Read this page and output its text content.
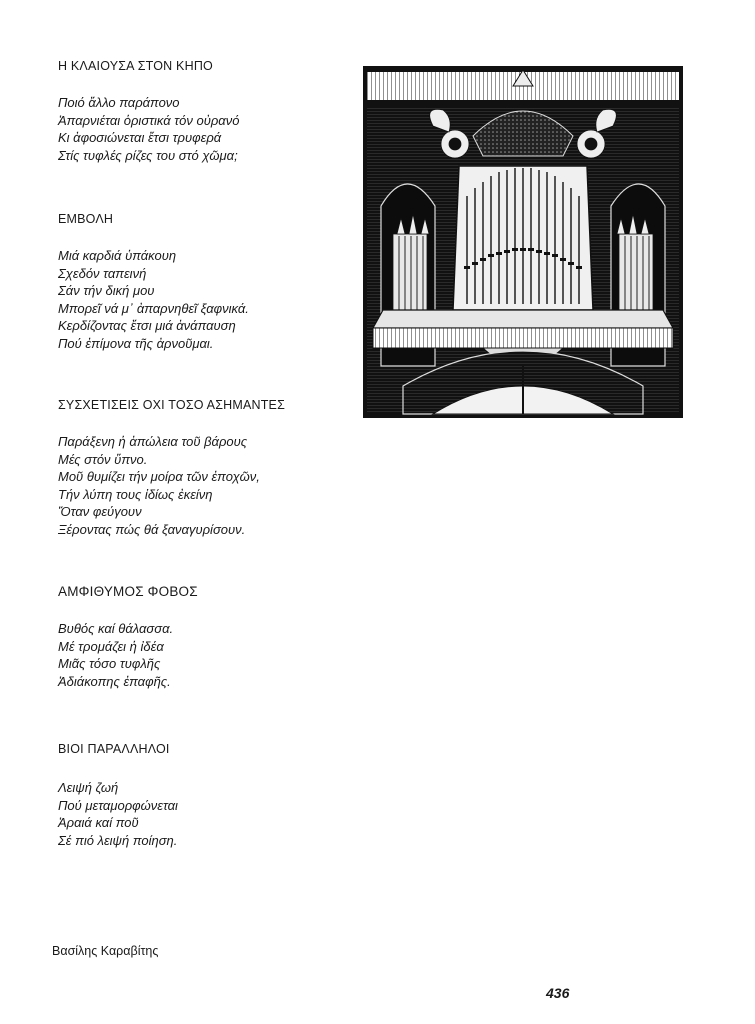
Η ΚΛΑΙΟΥΣΑ ΣΤΟΝ ΚΗΠΟ
Ποιό ἄλλο παράπονο
Ἀπαρνιέται ὁριστικά τόν οὐρανό
Κι ἀφοσιώνεται ἔτσι τρυφερά
Στίς τυφλές ρίζες του στό χῶμα;
ΕΜΒΟΛΗ
Μιά καρδιά ὑπάκουη
Σχεδόν ταπεινή
Σάν τήν δική μου
Μπορεῖ νά μ᾿ ἀπαρνηθεῖ ξαφνικά.
Κερδίζοντας ἔτσι μιά ἀνάπαυση
Πού ἐπίμονα τῆς ἀρνοῦμαι.
ΣΥΣΧΕΤΙΣΕΙΣ ΟΧΙ ΤΟΣΟ ΑΣΗΜΑΝΤΕΣ
Παράξενη ἡ ἀπώλεια τοῦ βάρους
Μές στόν ὕπνο.
Μοῦ θυμίζει τήν μοίρα τῶν ἐποχῶν,
Τήν λύπη τους ἰδίως ἐκείνη
Ὅταν φεύγουν
Ξέροντας πώς θά ξαναγυρίσουν.
ΑΜΦΙΘΥΜΟΣ ΦΟΒΟΣ
Βυθός καί θάλασσα.
Μέ τρομάζει ἡ ἰδέα
Μιᾶς τόσο τυφλῆς
Ἀδιάκοπης ἐπαφῆς.
ΒΙΟΙ ΠΑΡΑΛΛΗΛΟΙ
Λειψή ζωή
Πού μεταμορφώνεται
Ἀραιά καί ποῦ
Σέ πιό λειψή ποίηση.
Βασίλης Καραβίτης
436
